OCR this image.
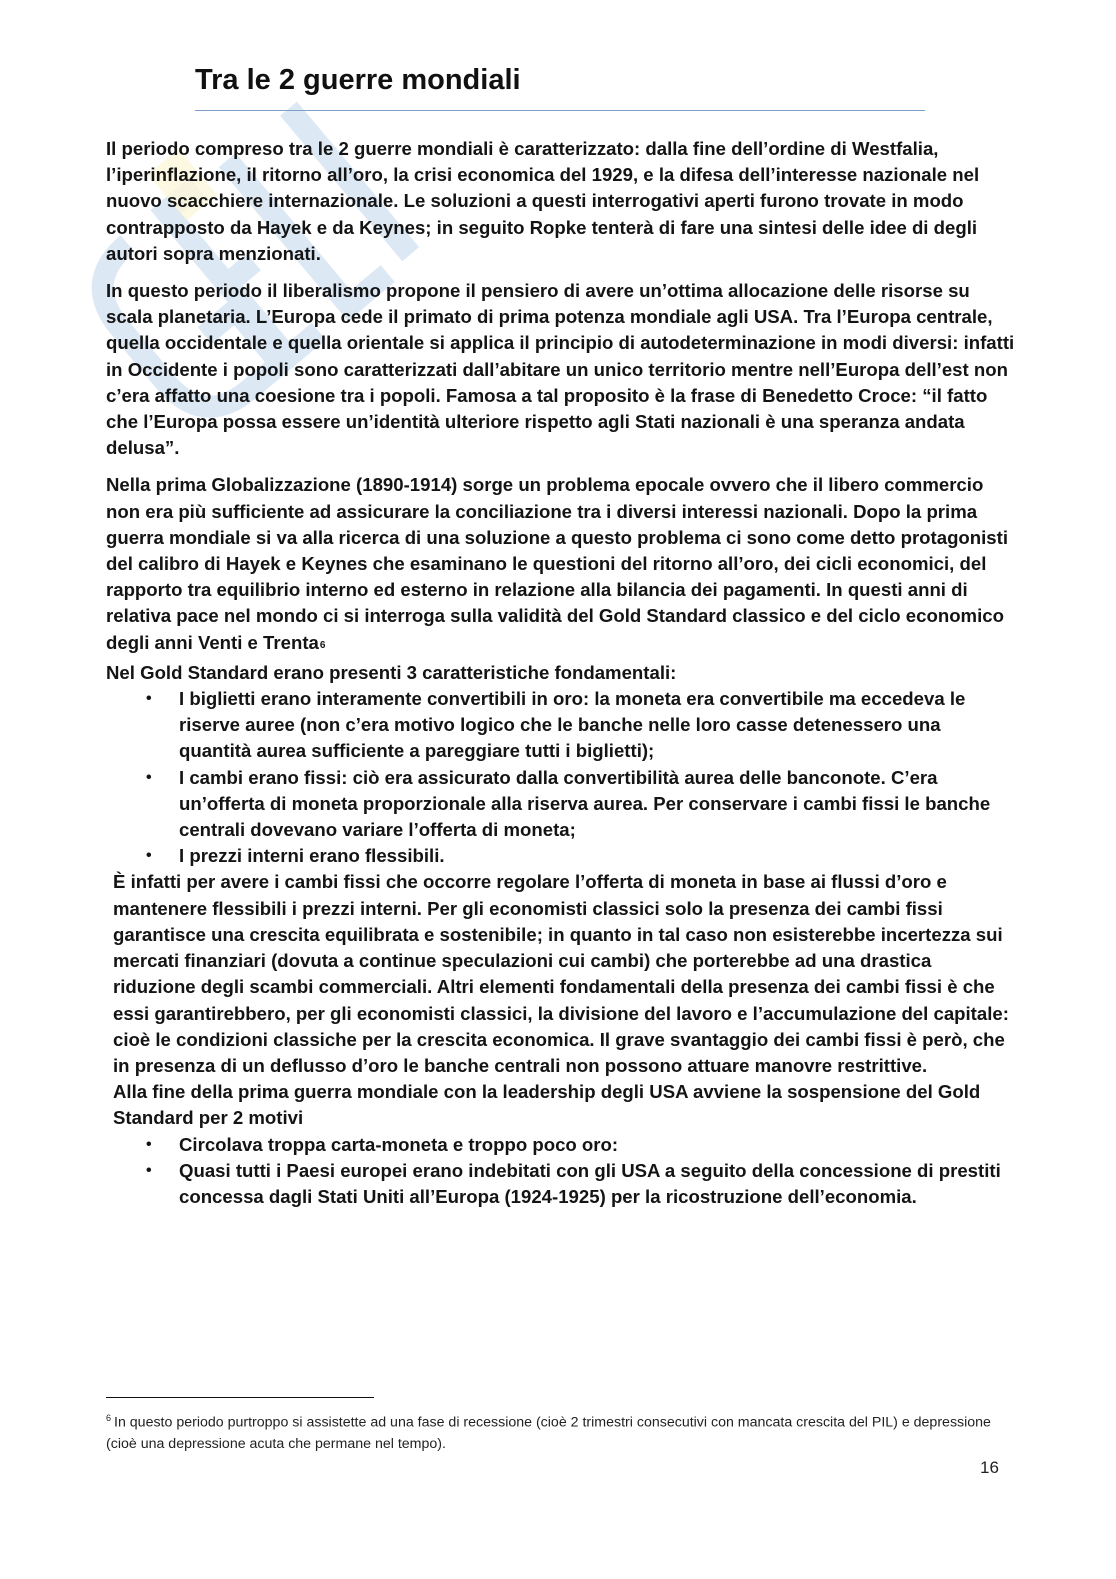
Tra le 2 guerre mondiali

Il periodo compreso tra le 2 guerre mondiali è caratterizzato: dalla fine dell’ordine di Westfalia, l’iperinflazione, il ritorno all’oro, la crisi economica del 1929, e la difesa dell’interesse nazionale nel nuovo scacchiere internazionale. Le soluzioni a questi interrogativi aperti furono trovate in modo contrapposto da Hayek e da Keynes; in seguito Ropke tenterà di fare una sintesi delle idee di degli autori sopra menzionati.

In questo periodo il liberalismo propone il pensiero di avere un’ottima allocazione delle risorse su scala planetaria. L’Europa cede il primato di prima potenza mondiale agli USA. Tra l’Europa centrale, quella occidentale e quella orientale si applica il principio di autodeterminazione in modi diversi: infatti in Occidente i popoli sono caratterizzati dall’abitare un unico territorio mentre nell’Europa dell’est non c’era affatto una coesione tra i popoli. Famosa a tal proposito è la frase di Benedetto Croce: “il fatto che l’Europa possa essere un’identità ulteriore rispetto agli Stati nazionali è una speranza andata delusa”.

Nella prima Globalizzazione (1890-1914) sorge un problema epocale ovvero che il libero commercio non era più sufficiente ad assicurare la conciliazione tra i diversi interessi nazionali. Dopo la prima guerra mondiale si va alla ricerca di una soluzione a questo problema ci sono come detto protagonisti del calibro di Hayek e Keynes che esaminano le questioni del ritorno all’oro, dei cicli economici, del rapporto tra equilibrio interno ed esterno in relazione alla bilancia dei pagamenti. In questi anni di relativa pace nel mondo ci si interroga sulla validità del Gold Standard classico e del ciclo economico degli anni Venti e Trenta$^6$

Nel Gold Standard erano presenti 3 caratteristiche fondamentali:

• I biglietti erano interamente convertibili in oro: la moneta era convertibile ma eccedeva le riserve auree (non c’era motivo logico che le banche nelle loro casse detenessero una quantità aurea sufficiente a pareggiare tutti i biglietti);
• I cambi erano fissi: ciò era assicurato dalla convertibilità aurea delle banconote. C’era un’offerta di moneta proporzionale alla riserva aurea. Per conservare i cambi fissi le banche centrali dovevano variare l’offerta di moneta;
• I prezzi interni erano flessibili.

È infatti per avere i cambi fissi che occorre regolare l’offerta di moneta in base ai flussi d’oro e mantenere flessibili i prezzi interni. Per gli economisti classici solo la presenza dei cambi fissi garantisce una crescita equilibrata e sostenibile; in quanto in tal caso non esisterebbe incertezza sui mercati finanziari (dovuta a continue speculazioni cui cambi) che porterebbe ad una drastica riduzione degli scambi commerciali. Altri elementi fondamentali della presenza dei cambi fissi è che essi garantirebbero, per gli economisti classici, la divisione del lavoro e l’accumulazione del capitale: cioè le condizioni classiche per la crescita economica. Il grave svantaggio dei cambi fissi è però, che in presenza di un deflusso d’oro le banche centrali non possono attuare manovre restrittive.

Alla fine della prima guerra mondiale con la leadership degli USA avviene la sospensione del Gold Standard per 2 motivi

• Circolava troppa carta-moneta e troppo poco oro:
• Quasi tutti i Paesi europei erano indebitati con gli USA a seguito della concessione di prestiti concessa dagli Stati Uniti all’Europa (1924-1925) per la ricostruzione dell’economia.

$^6$ In questo periodo purtroppo si assistette ad una fase di recessione (cioè 2 trimestri consecutivi con mancata crescita del PIL) e depressione (cioè una depressione acuta che permane nel tempo).

16
